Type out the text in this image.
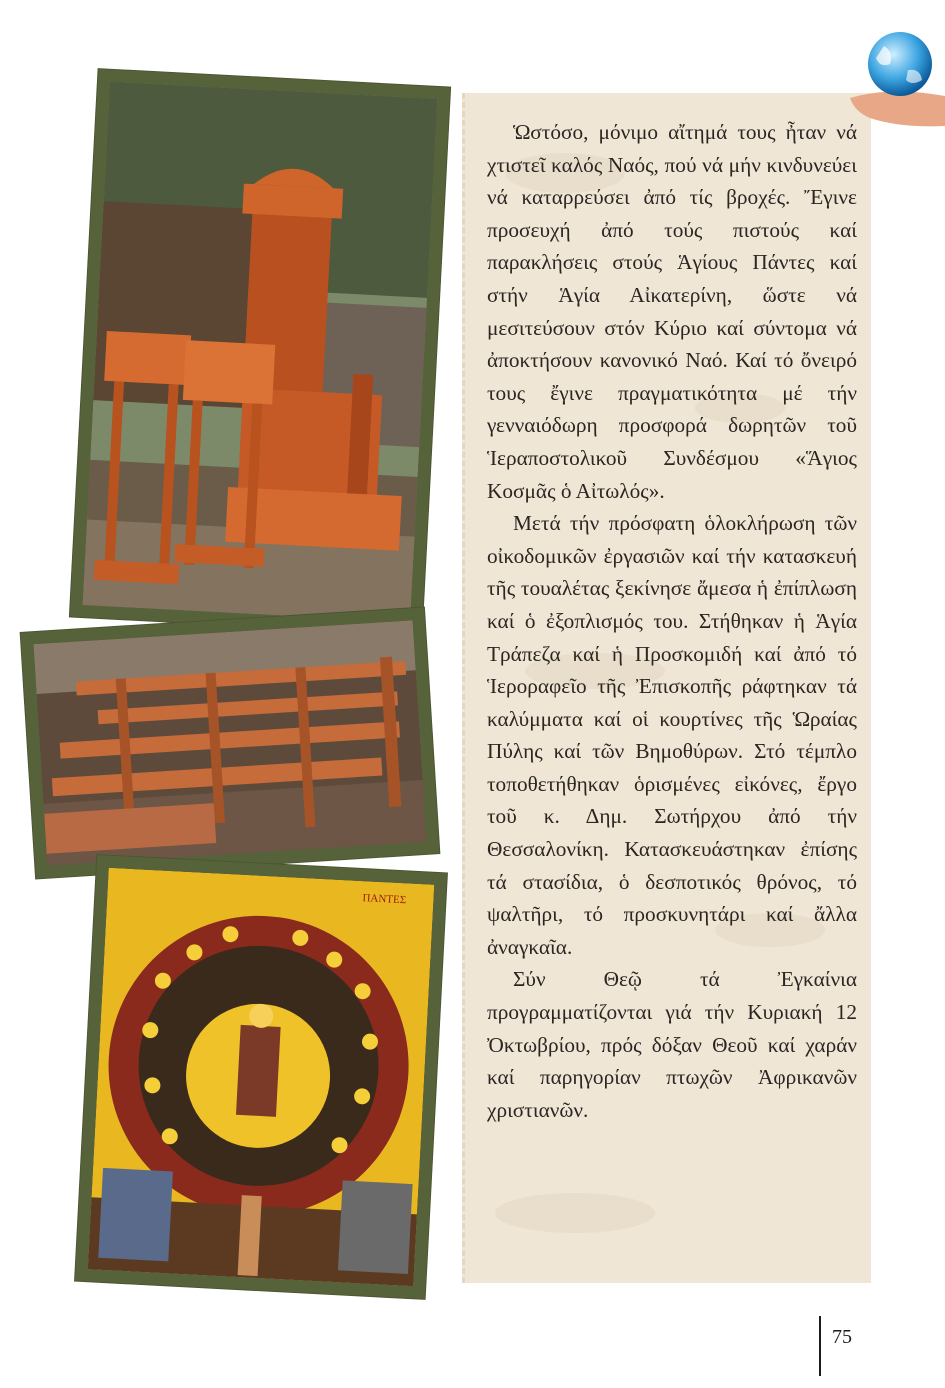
Ὡστόσο, μόνιμο αἴτημά τους ἦταν νά χτιστεῖ καλός Ναός, πού νά μήν κινδυνεύει νά καταρρεύσει ἀπό τίς βροχές. Ἔγινε προσευχή ἀπό τούς πιστούς καί παρακλήσεις στούς Ἁγίους Πάντες καί στήν Ἁγία Αἰκατερίνη, ὥστε νά μεσιτεύσουν στόν Κύριο καί σύντομα νά ἀποκτήσουν κανονικό Ναό. Καί τό ὄνειρό τους ἔγινε πραγματικότητα μέ τήν γενναιόδωρη προσφορά δωρητῶν τοῦ Ἱεραποστολικοῦ Συνδέσμου «Ἅγιος Κοσμᾶς ὁ Αἰτωλός».

Μετά τήν πρόσφατη ὁλοκλήρωση τῶν οἰκοδομικῶν ἐργασιῶν καί τήν κατασκευή τῆς τουαλέτας ξεκίνησε ἄμεσα ἡ ἐπίπλωση καί ὁ ἐξοπλισμός του. Στήθηκαν ἡ Ἁγία Τράπεζα καί ἡ Προσκομιδή καί ἀπό τό Ἱεροραφεῖο τῆς Ἐπισκοπῆς ράφτηκαν τά καλύμματα καί οἱ κουρτίνες τῆς Ὡραίας Πύλης καί τῶν Βημοθύρων. Στό τέμπλο τοποθετήθηκαν ὁρισμένες εἰκόνες, ἔργο τοῦ κ. Δημ. Σωτήρχου ἀπό τήν Θεσσαλονίκη. Κατασκευάστηκαν ἐπίσης τά στασίδια, ὁ δεσποτικός θρόνος, τό ψαλτῆρι, τό προσκυνητάρι καί ἄλλα ἀναγκαῖα.

Σύν Θεῷ τά Ἐγκαίνια προγραμματίζονται γιά τήν Κυριακή 12 Ὀκτωβρίου, πρός δόξαν Θεοῦ καί χαράν καί παρηγορίαν πτωχῶν Ἀφρικανῶν χριστιανῶν.

ΠΑΝΤΕΣ
75
